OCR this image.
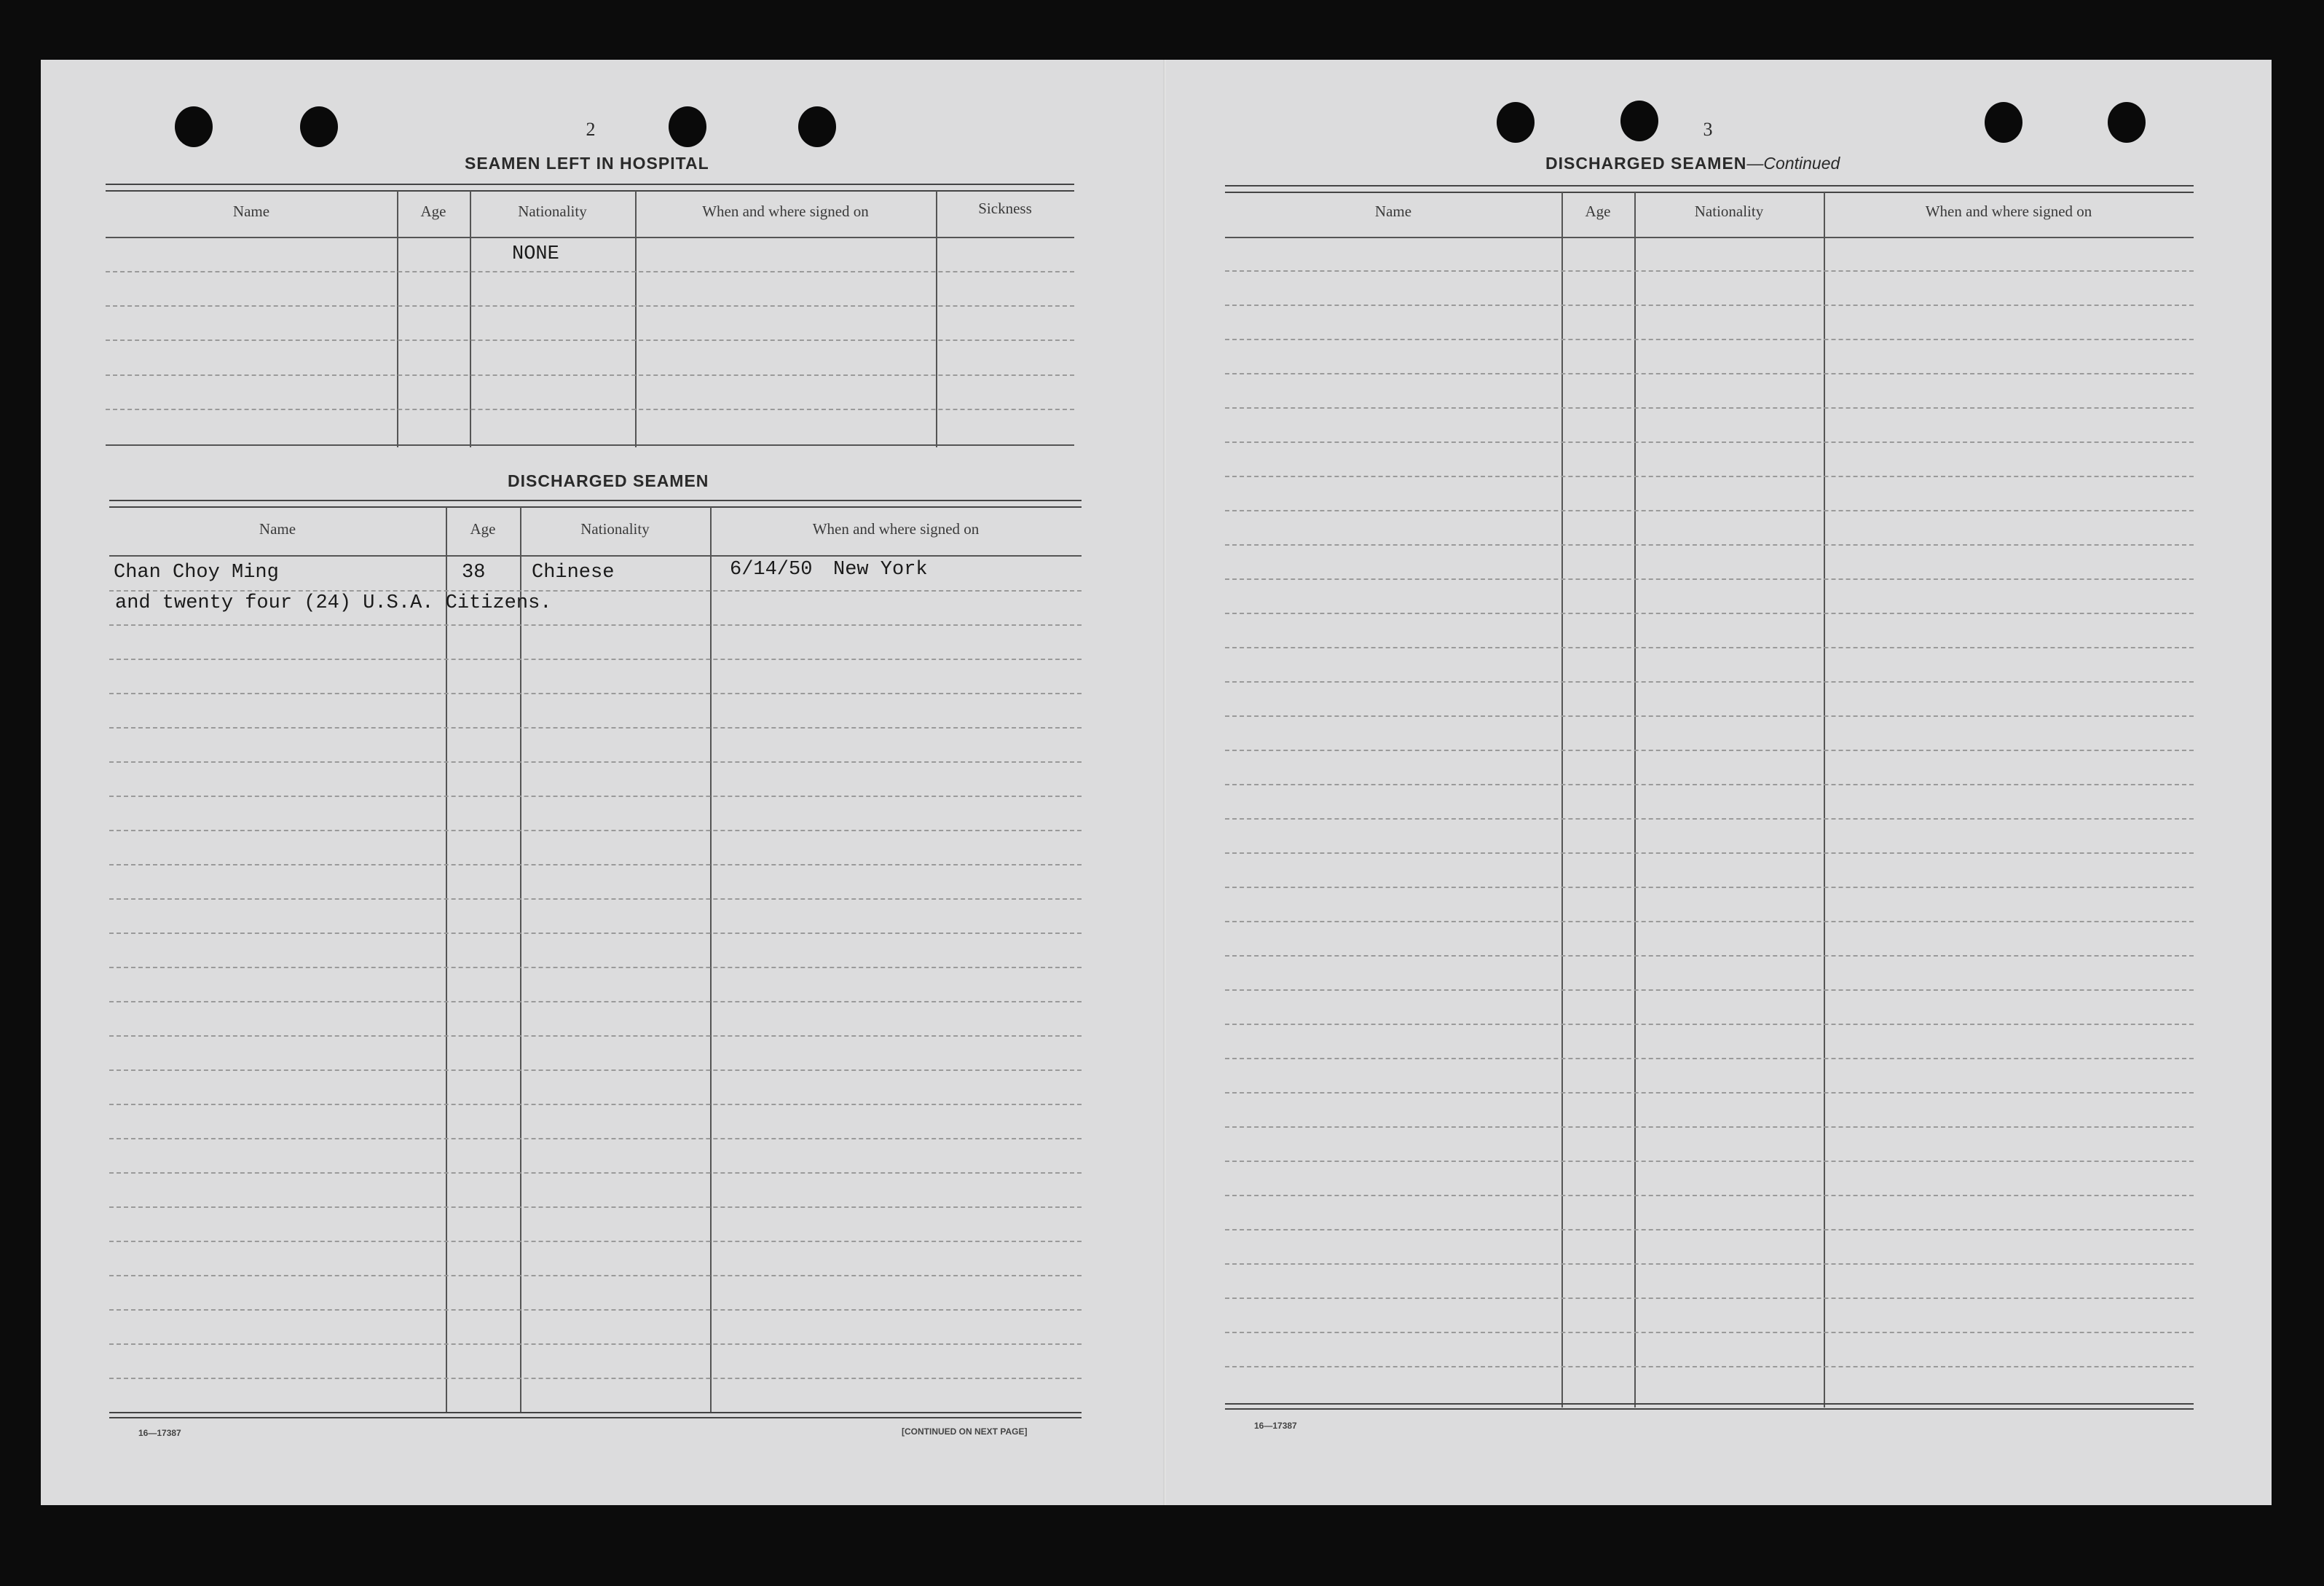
2
SEAMEN LEFT IN HOSPITAL
Name	Age	Nationality	When and where signed on	Sickness
NONE
DISCHARGED SEAMEN
Name	Age	Nationality	When and where signed on
Chan Choy Ming	38 Chinese	6/14/50 New York
and twenty four (24) U.S.A. Citizens.
16—17387	[CONTINUED ON NEXT PAGE]
3
DISCHARGED SEAMEN—Continued
Name	Age	Nationality	When and where signed on
16—17387
